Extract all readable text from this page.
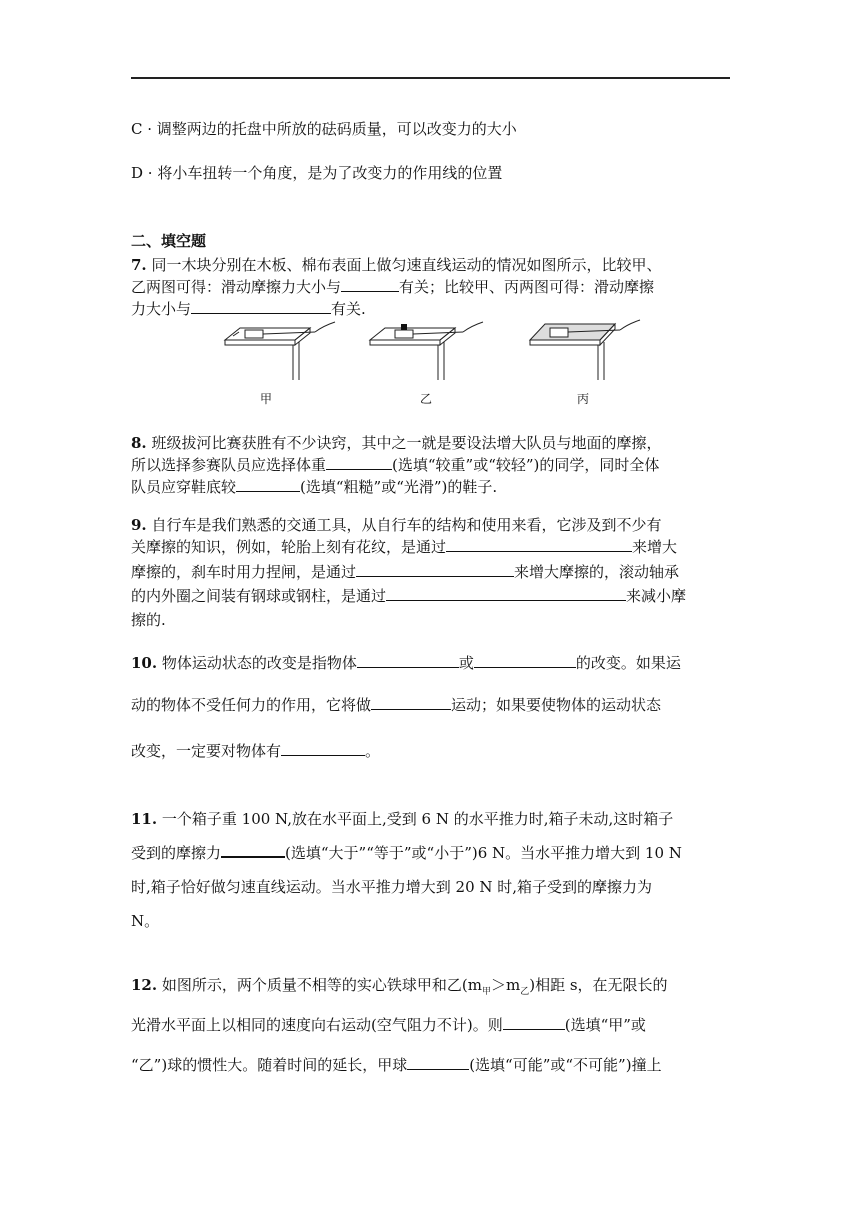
C · 调整两边的托盘中所放的砝码质量，可以改变力的大小
D · 将小车扭转一个角度，是为了改变力的作用线的位置
二、填空题
7. 同一木块分别在木板、棉布表面上做匀速直线运动的情况如图所示，比较甲、
乙两图可得：滑动摩擦力大小与	有关；比较甲、丙两图可得：滑动摩擦
力大小与	有关.
甲	乙	丙
8. 班级拔河比赛获胜有不少诀窍，其中之一就是要设法增大队员与地面的摩擦，
所以选择参赛队员应选择体重	(选填“较重”或“较轻”)的同学，同时全体
队员应穿鞋底较	(选填“粗糙”或“光滑”)的鞋子.
9. 自行车是我们熟悉的交通工具，从自行车的结构和使用来看，它涉及到不少有
关摩擦的知识，例如，轮胎上刻有花纹，是通过	来增大
摩擦的，刹车时用力捏闸，是通过	来增大摩擦的，滚动轴承
的内外圈之间装有钢球或钢柱，是通过	来减小摩
擦的.
10. 物体运动状态的改变是指物体	或	的改变。如果运
动的物体不受任何力的作用，它将做	运动；如果要使物体的运动状态
改变，一定要对物体有	。
11. 一个箱子重 100 N,放在水平面上,受到 6 N 的水平推力时,箱子未动,这时箱子
受到的摩擦力	(选填“大于”“等于”或“小于”)6 N。当水平推力增大到 10 N
时,箱子恰好做匀速直线运动。当水平推力增大到 20 N 时,箱子受到的摩擦力为
N。
12. 如图所示，两个质量不相等的实心铁球甲和乙$(m_甲>m_乙)$相距 s，在无限长的
光滑水平面上以相同的速度向右运动(空气阻力不计)。则	(选填“甲”或
“乙”)球的惯性大。随着时间的延长，甲球	(选填“可能”或“不可能”)撞上
